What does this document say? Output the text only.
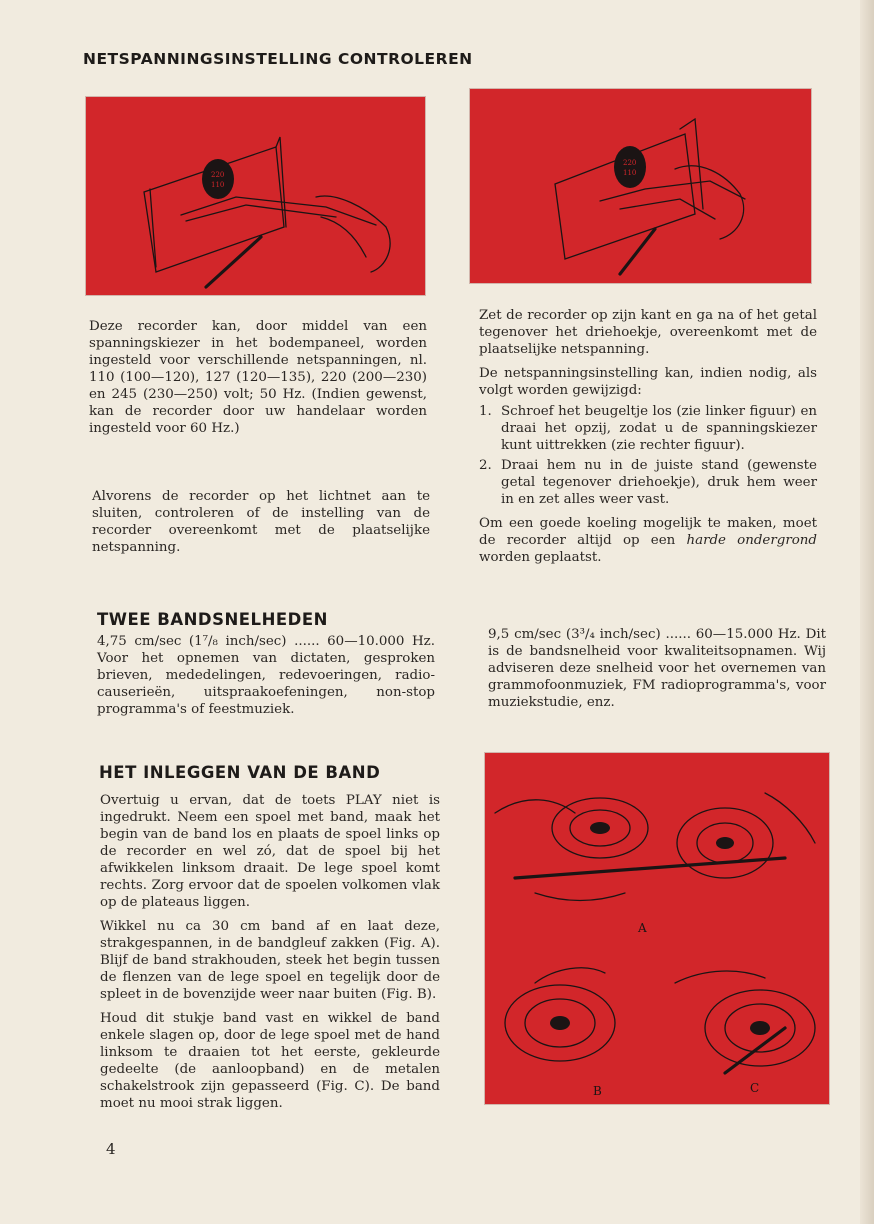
NETSPANNINGSINSTELLING CONTROLEREN
220
110
220
110

Deze recorder kan, door middel van een spanningskiezer in het bodempaneel, worden ingesteld voor verschillende netspanningen, nl. 110 (100—120), 127 (120—135), 220 (200—230) en 245 (230—250) volt; 50 Hz. (Indien gewenst, kan de recorder door uw handelaar worden ingesteld voor 60 Hz.)

Alvorens de recorder op het lichtnet aan te sluiten, controleren of de instelling van de recorder overeenkomt met de plaatselijke netspanning.

Zet de recorder op zijn kant en ga na of het getal tegenover het driehoekje, overeenkomt met de plaatselijke netspanning.

De netspanningsinstelling kan, indien nodig, als volgt worden gewijzigd:

1. Schroef het beugeltje los (zie linker figuur) en draai het opzij, zodat u de spanningskiezer kunt uittrekken (zie rechter figuur).
2. Draai hem nu in de juiste stand (gewenste getal tegenover driehoekje), druk hem weer in en zet alles weer vast.

Om een goede koeling mogelijk te maken, moet de recorder altijd op een harde ondergrond worden geplaatst.

TWEE BANDSNELHEDEN

4,75 cm/sec (1⁷/₈ inch/sec) ...... 60—10.000 Hz. Voor het opnemen van dictaten, gesproken brieven, mededelingen, redevoeringen, radio-causerieën, uitspraakoefeningen, non-stop programma's of feestmuziek.

9,5 cm/sec (3³/₄ inch/sec) ...... 60—15.000 Hz. Dit is de bandsnelheid voor kwaliteitsopnamen. Wij adviseren deze snelheid voor het overnemen van grammofoonmuziek, FM radioprogramma's, voor muziekstudie, enz.

HET INLEGGEN VAN DE BAND

Overtuig u ervan, dat de toets PLAY niet is ingedrukt. Neem een spoel met band, maak het begin van de band los en plaats de spoel links op de recorder en wel zó, dat de spoel bij het afwikkelen linksom draait. De lege spoel komt rechts. Zorg ervoor dat de spoelen volkomen vlak op de plateaus liggen.

Wikkel nu ca 30 cm band af en laat deze, strakgespannen, in de bandgleuf zakken (Fig. A). Blijf de band strakhouden, steek het begin tussen de flenzen van de lege spoel en tegelijk door de spleet in de bovenzijde weer naar buiten (Fig. B).

Houd dit stukje band vast en wikkel de band enkele slagen op, door de lege spoel met de hand linksom te draaien tot het eerste, gekleurde gedeelte (de aanloopband) en de metalen schakelstrook zijn gepasseerd (Fig. C). De band moet nu mooi strak liggen.

A
B	C
4
